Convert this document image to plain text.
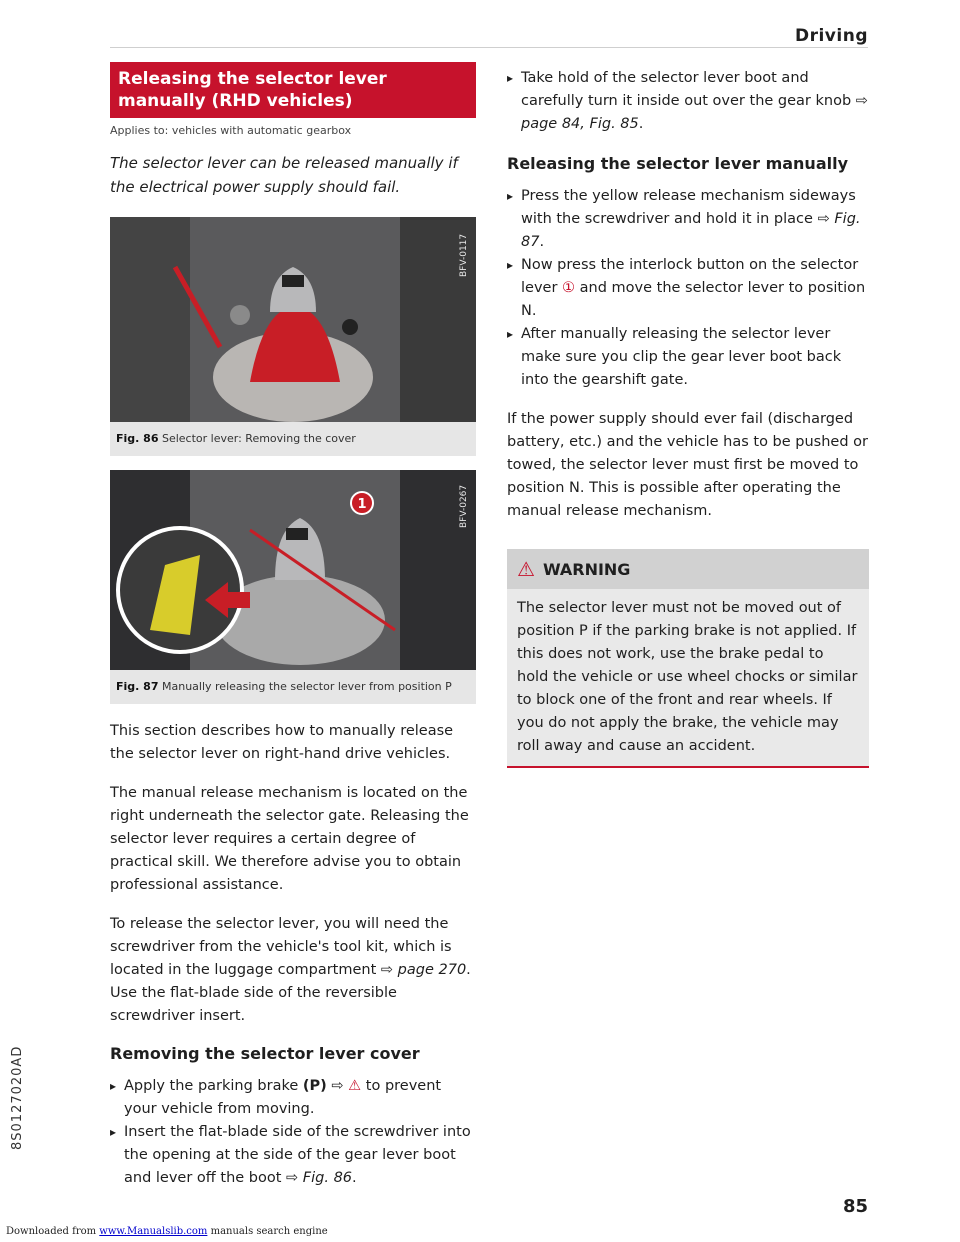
Driving
Releasing the selector lever manually (RHD vehicles)
Applies to: vehicles with automatic gearbox
The selector lever can be released manually if the electrical power supply should fail.
BFV-0117
Fig. 86 Selector lever: Removing the cover
1	BFV-0267
Fig. 87 Manually releasing the selector lever from position P

This section describes how to manually release the selector lever on right-hand drive vehicles.

The manual release mechanism is located on the right underneath the selector gate. Releasing the selector lever requires a certain degree of practical skill. We therefore advise you to obtain professional assistance.

To release the selector lever, you will need the screwdriver from the vehicle's tool kit, which is located in the luggage compartment ⇨ page 270. Use the flat-blade side of the reversible screwdriver insert.

Removing the selector lever cover
▸ Apply the parking brake (P) ⇨ ⚠ to prevent your vehicle from moving.
▸ Insert the flat-blade side of the screwdriver into the opening at the side of the gear lever boot and lever off the boot ⇨ Fig. 86.
▸ Take hold of the selector lever boot and carefully turn it inside out over the gear knob ⇨ page 84, Fig. 85.
Releasing the selector lever manually
▸ Press the yellow release mechanism sideways with the screwdriver and hold it in place ⇨ Fig. 87.
▸ Now press the interlock button on the selector lever ① and move the selector lever to position N.
▸ After manually releasing the selector lever make sure you clip the gear lever boot back into the gearshift gate.

If the power supply should ever fail (discharged battery, etc.) and the vehicle has to be pushed or towed, the selector lever must first be moved to position N. This is possible after operating the manual release mechanism.

⚠ WARNING
The selector lever must not be moved out of position P if the parking brake is not applied. If this does not work, use the brake pedal to hold the vehicle or use wheel chocks or similar to block one of the front and rear wheels. If you do not apply the brake, the vehicle may roll away and cause an accident.
8S0127020AD
85
Downloaded from www.Manualslib.com manuals search engine
